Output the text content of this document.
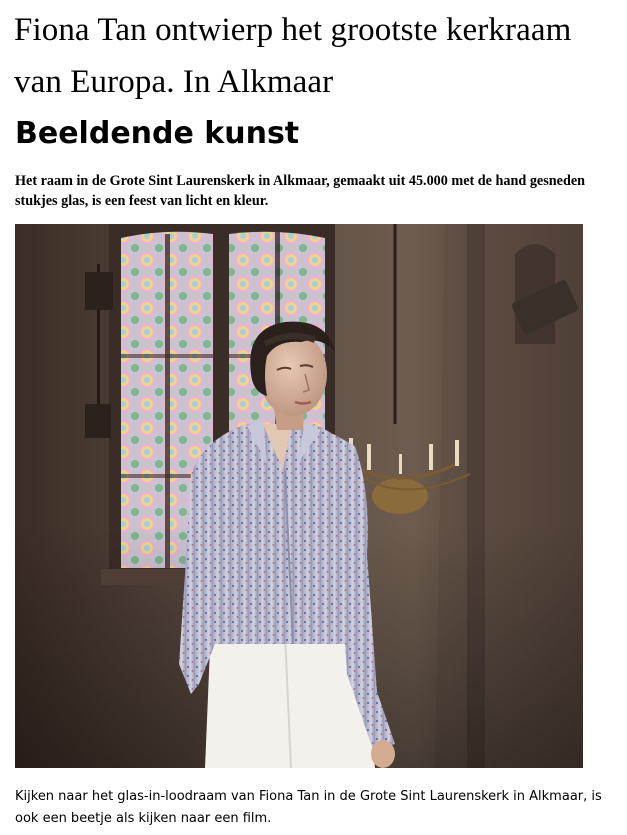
Fiona Tan ontwierp het grootste kerkraam van Europa. In Alkmaar
Beeldende kunst

Het raam in de Grote Sint Laurenskerk in Alkmaar, gemaakt uit 45.000 met de hand gesneden stukjes glas, is een feest van licht en kleur.

Kijken naar het glas-in-loodraam van Fiona Tan in de Grote Sint Laurenskerk in Alkmaar, is ook een beetje als kijken naar een film.
